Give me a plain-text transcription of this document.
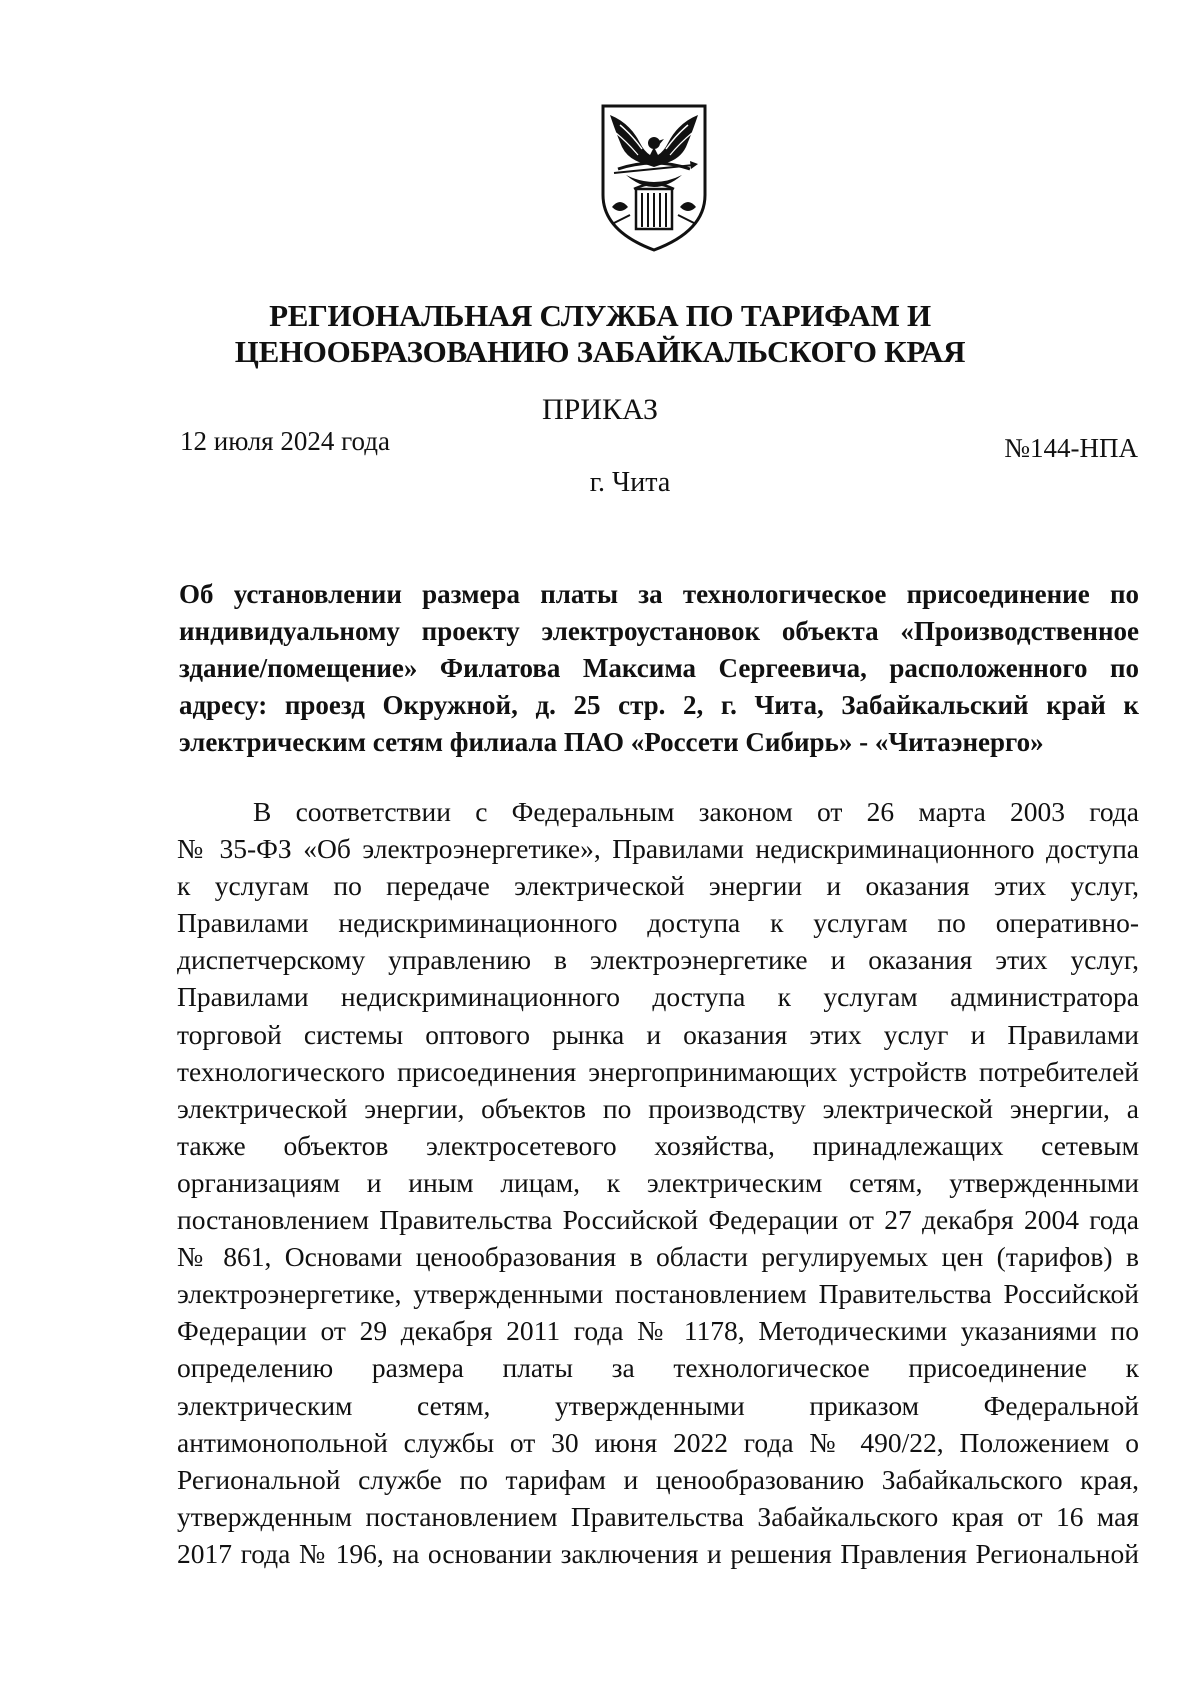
РЕГИОНАЛЬНАЯ СЛУЖБА ПО ТАРИФАМ И
ЦЕНООБРАЗОВАНИЮ ЗАБАЙКАЛЬСКОГО КРАЯ
ПРИКАЗ
12 июля 2024 года	№144-НПА
г. Чита
Об установлении размера платы за технологическое присоединение по
индивидуальному проекту электроустановок объекта «Производственное
здание/помещение» Филатова Максима Сергеевича, расположенного по
адресу: проезд Окружной, д. 25 стр. 2, г. Чита, Забайкальский край к
электрическим сетям филиала ПАО «Россети Сибирь» - «Читаэнерго»
В соответствии с Федеральным законом от 26 марта 2003 года
№ 35-ФЗ «Об электроэнергетике», Правилами недискриминационного доступа
к услугам по передаче электрической энергии и оказания этих услуг,
Правилами недискриминационного доступа к услугам по оперативно-
диспетчерскому управлению в электроэнергетике и оказания этих услуг,
Правилами недискриминационного доступа к услугам администратора
торговой системы оптового рынка и оказания этих услуг и Правилами
технологического присоединения энергопринимающих устройств потребителей
электрической энергии, объектов по производству электрической энергии, а
также объектов электросетевого хозяйства, принадлежащих сетевым
организациям и иным лицам, к электрическим сетям, утвержденными
постановлением Правительства Российской Федерации от 27 декабря 2004 года
№ 861, Основами ценообразования в области регулируемых цен (тарифов) в
электроэнергетике, утвержденными постановлением Правительства Российской
Федерации от 29 декабря 2011 года № 1178, Методическими указаниями по
определению размера платы за технологическое присоединение к
электрическим сетям, утвержденными приказом Федеральной
антимонопольной службы от 30 июня 2022 года № 490/22, Положением о
Региональной службе по тарифам и ценообразованию Забайкальского края,
утвержденным постановлением Правительства Забайкальского края от 16 мая
2017 года № 196, на основании заключения и решения Правления Региональной
